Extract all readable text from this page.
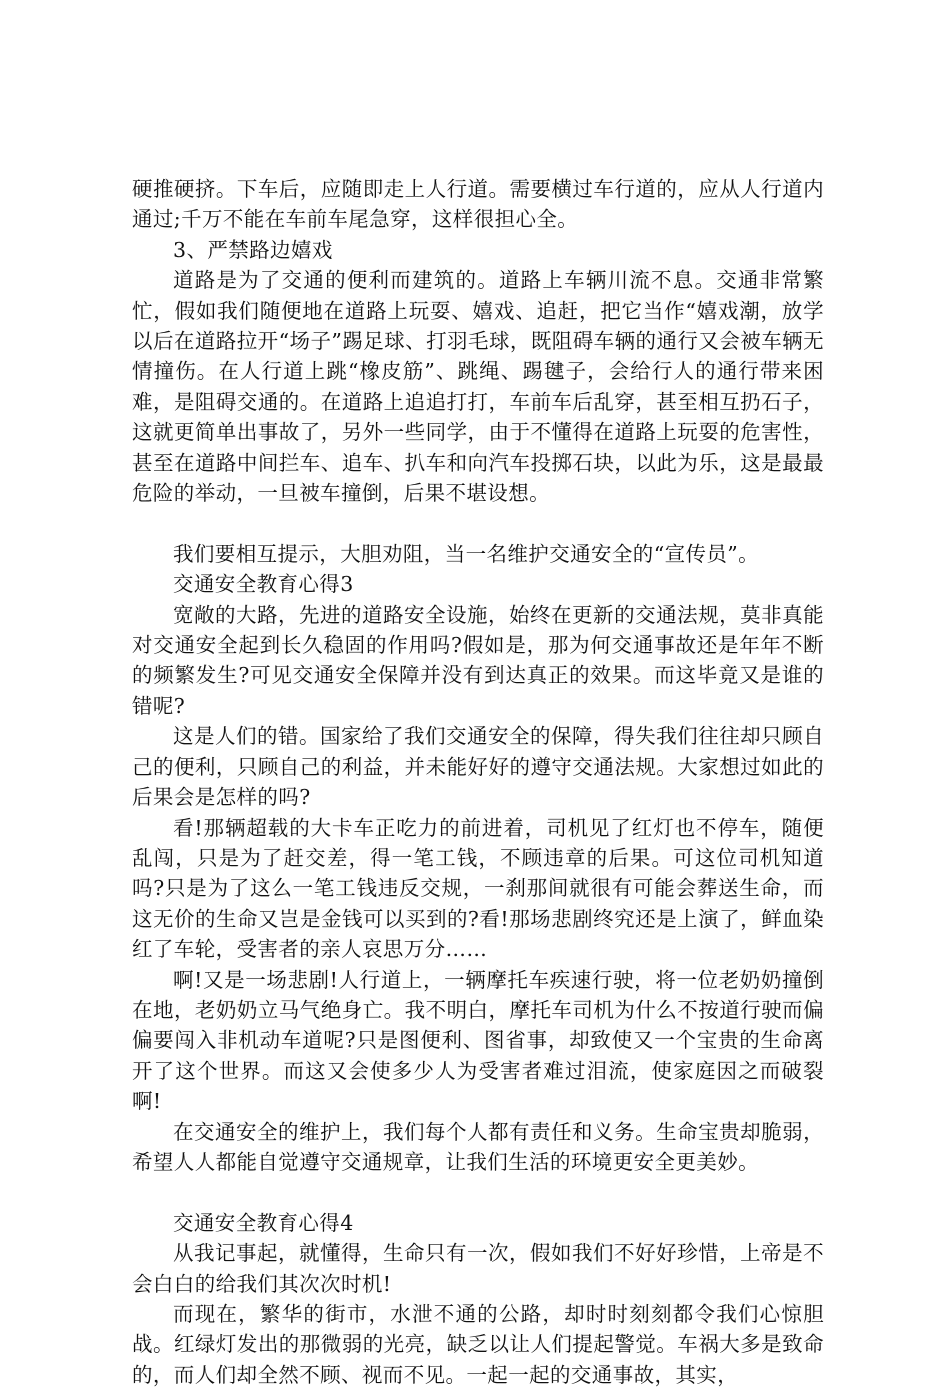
硬推硬挤。下车后，应随即走上人行道。需要横过车行道的，应从人行道内通过;千万不能在车前车尾急穿，这样很担心全。

3、严禁路边嬉戏

道路是为了交通的便利而建筑的。道路上车辆川流不息。交通非常繁忙，假如我们随便地在道路上玩耍、嬉戏、追赶，把它当作“嬉戏潮，放学以后在道路拉开“场子”踢足球、打羽毛球，既阻碍车辆的通行又会被车辆无情撞伤。在人行道上跳“橡皮筋”、跳绳、踢毽子，会给行人的通行带来困难，是阻碍交通的。在道路上追追打打，车前车后乱穿，甚至相互扔石子，这就更简单出事故了，另外一些同学，由于不懂得在道路上玩耍的危害性，甚至在道路中间拦车、追车、扒车和向汽车投掷石块，以此为乐，这是最最危险的举动，一旦被车撞倒，后果不堪设想。

我们要相互提示，大胆劝阻，当一名维护交通安全的“宣传员”。

交通安全教育心得3

宽敞的大路，先进的道路安全设施，始终在更新的交通法规，莫非真能对交通安全起到长久稳固的作用吗?假如是，那为何交通事故还是年年不断的频繁发生?可见交通安全保障并没有到达真正的效果。而这毕竟又是谁的错呢?

这是人们的错。国家给了我们交通安全的保障，得失我们往往却只顾自己的便利，只顾自己的利益，并未能好好的遵守交通法规。大家想过如此的后果会是怎样的吗?

看!那辆超载的大卡车正吃力的前进着，司机见了红灯也不停车，随便乱闯，只是为了赶交差，得一笔工钱，不顾违章的后果。可这位司机知道吗?只是为了这么一笔工钱违反交规，一刹那间就很有可能会葬送生命，而这无价的生命又岂是金钱可以买到的?看!那场悲剧终究还是上演了，鲜血染红了车轮，受害者的亲人哀思万分……

啊!又是一场悲剧!人行道上，一辆摩托车疾速行驶，将一位老奶奶撞倒在地，老奶奶立马气绝身亡。我不明白，摩托车司机为什么不按道行驶而偏偏要闯入非机动车道呢?只是图便利、图省事，却致使又一个宝贵的生命离开了这个世界。而这又会使多少人为受害者难过泪流，使家庭因之而破裂啊!

在交通安全的维护上，我们每个人都有责任和义务。生命宝贵却脆弱，希望人人都能自觉遵守交通规章，让我们生活的环境更安全更美妙。

交通安全教育心得4

从我记事起，就懂得，生命只有一次，假如我们不好好珍惜，上帝是不会白白的给我们其次次时机!

而现在，繁华的街市，水泄不通的公路，却时时刻刻都令我们心惊胆战。红绿灯发出的那微弱的光亮，缺乏以让人们提起警觉。车祸大多是致命的，而人们却全然不顾、视而不见。一起一起的交通事故，其实，
